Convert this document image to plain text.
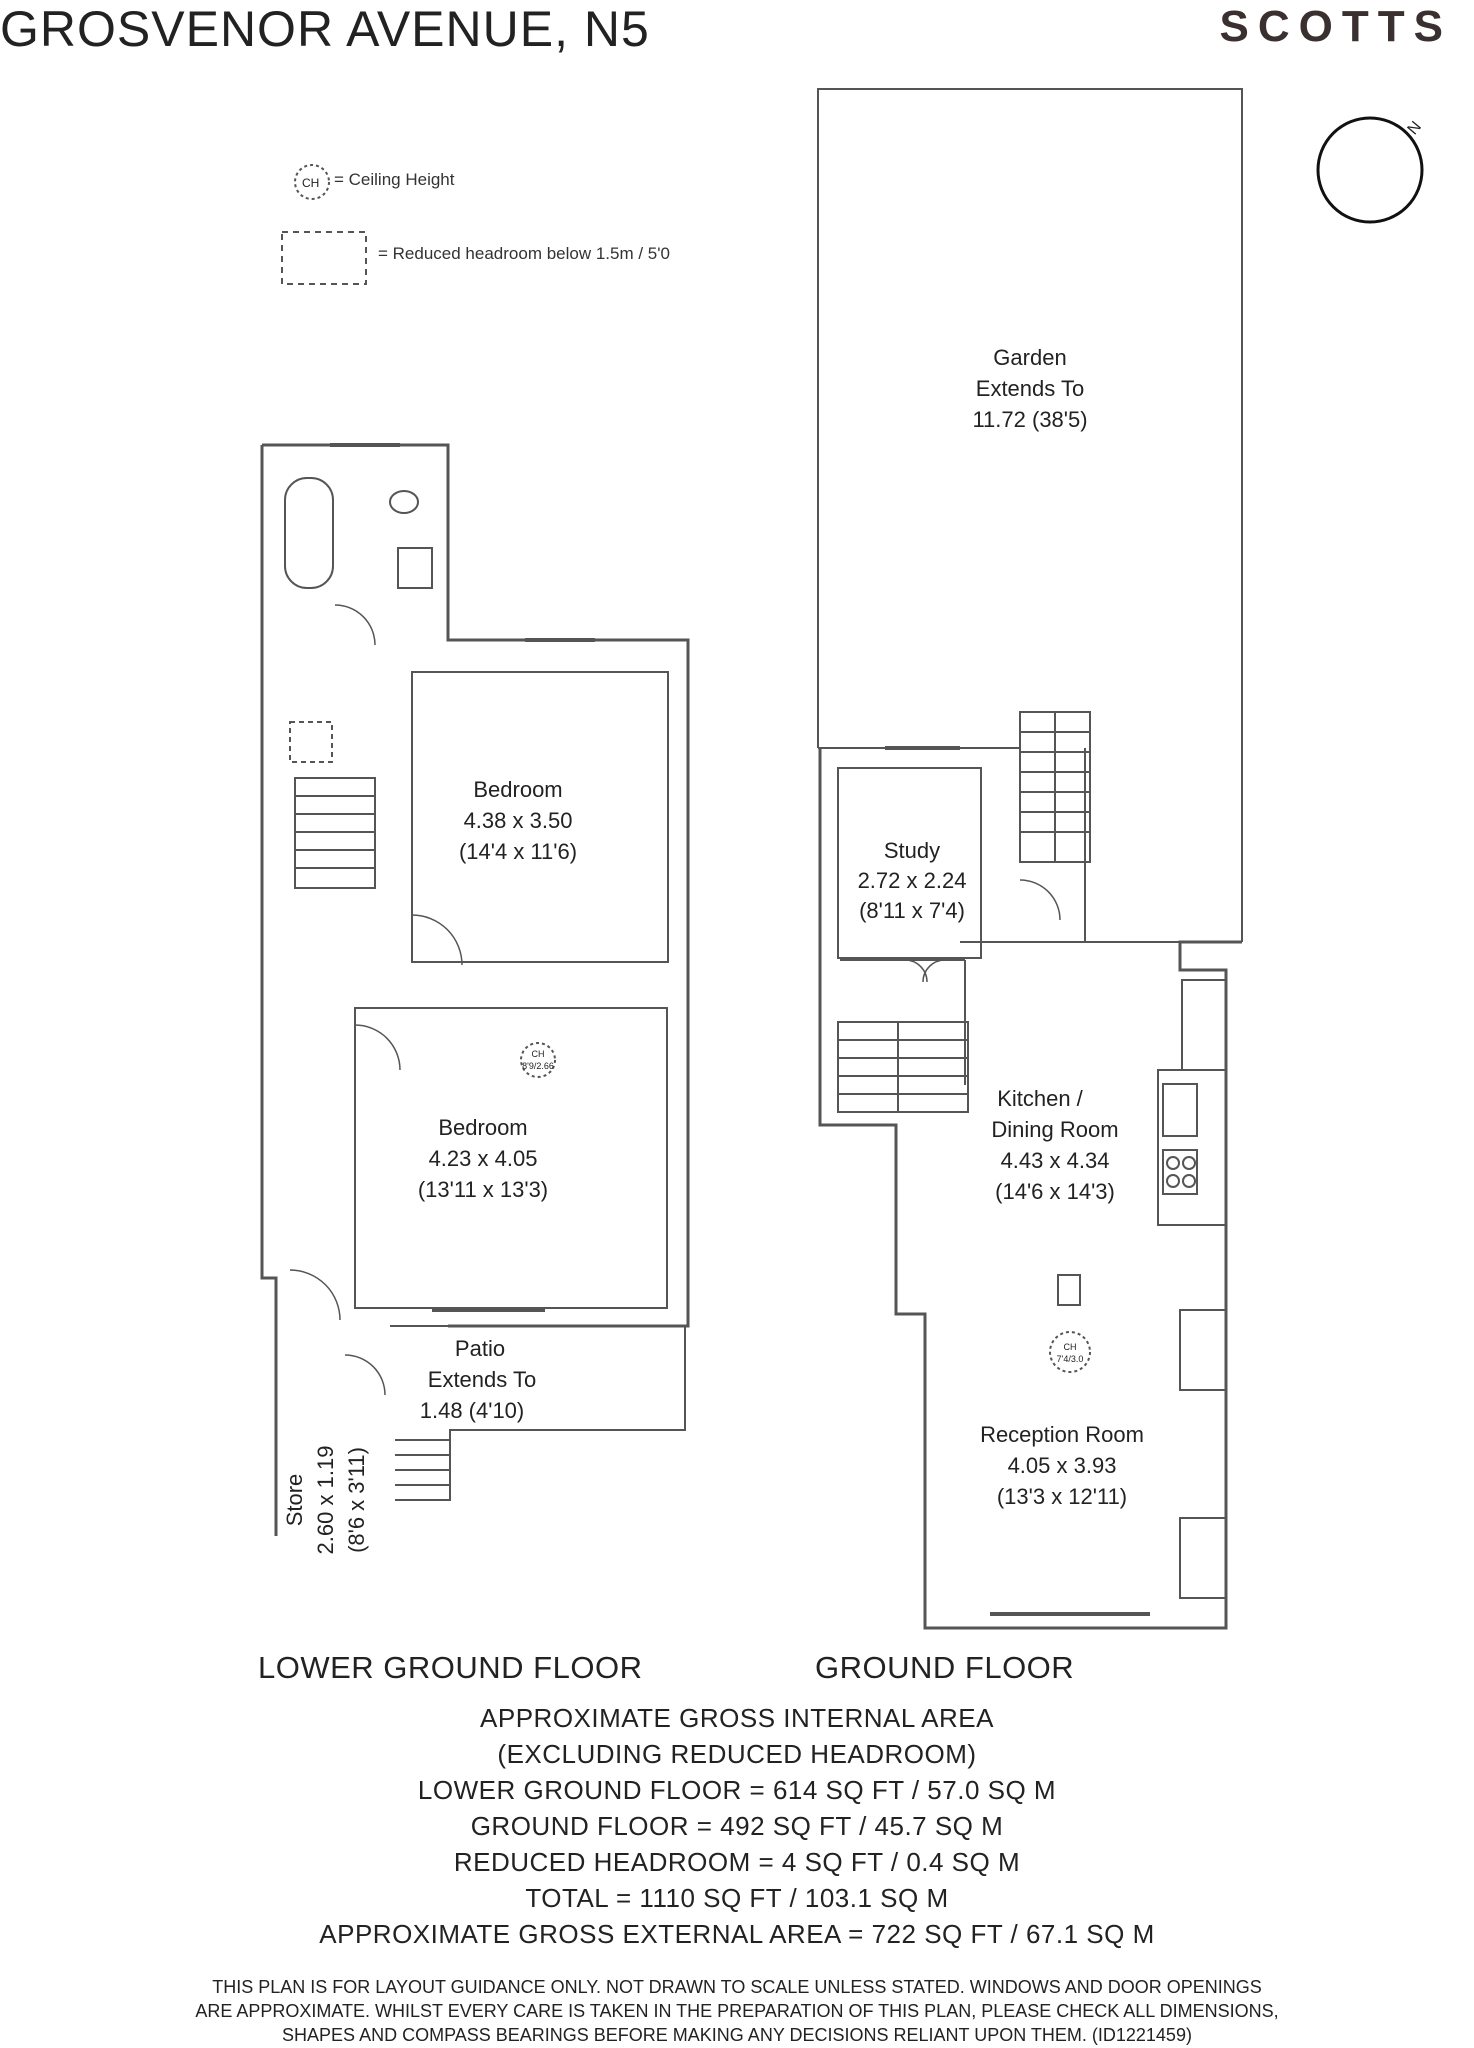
GROSVENOR AVENUE, N5	SCOTTS
N
CH = Ceiling Height
= Reduced headroom below 1.5m / 5'0
Garden
Extends To
11.72 (38'5)
Study
2.72 x 2.24
(8'11 x 7'4)
Bedroom
4.38 x 3.50
(14'4 x 11'6)
CH
8'9/2.66
Bedroom
4.23 x 4.05
(13'11 x 13'3)
Kitchen /
Dining Room
4.43 x 4.34
(14'6 x 14'3)
CH
7'4/3.0
Reception Room
4.05 x 3.93
(13'3 x 12'11)
Patio
Extends To
1.48 (4'10)
Store 2.60 x 1.19 (8'6 x 3'11)
LOWER GROUND FLOOR	GROUND FLOOR
APPROXIMATE GROSS INTERNAL AREA
(EXCLUDING REDUCED HEADROOM)
LOWER GROUND FLOOR = 614 SQ FT / 57.0 SQ M
GROUND FLOOR = 492 SQ FT / 45.7 SQ M
REDUCED HEADROOM = 4 SQ FT / 0.4 SQ M
TOTAL = 1110 SQ FT / 103.1 SQ M
APPROXIMATE GROSS EXTERNAL AREA = 722 SQ FT / 67.1 SQ M
THIS PLAN IS FOR LAYOUT GUIDANCE ONLY. NOT DRAWN TO SCALE UNLESS STATED. WINDOWS AND DOOR OPENINGS
ARE APPROXIMATE. WHILST EVERY CARE IS TAKEN IN THE PREPARATION OF THIS PLAN, PLEASE CHECK ALL DIMENSIONS,
SHAPES AND COMPASS BEARINGS BEFORE MAKING ANY DECISIONS RELIANT UPON THEM. (ID1221459)
